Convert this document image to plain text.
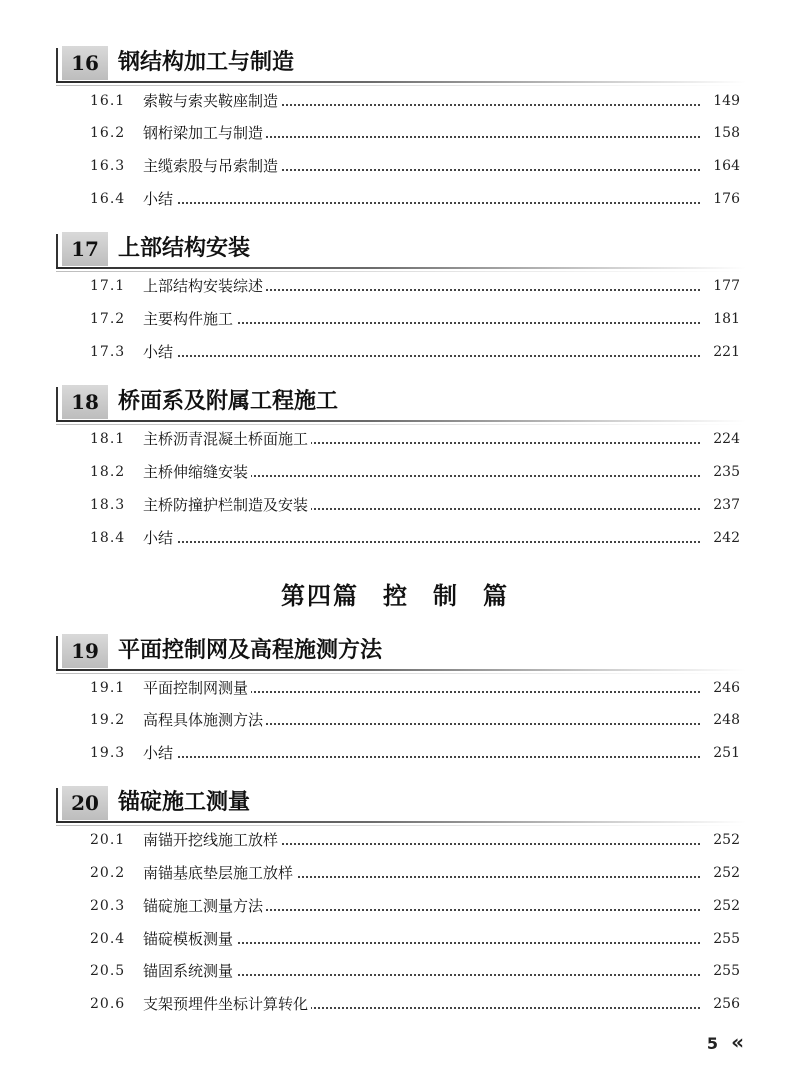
16 钢结构加工与制造
16.1 索鞍与索夹鞍座制造	149
16.2 钢桁梁加工与制造	158
16.3 主缆索股与吊索制造	164
16.4 小结	176
17 上部结构安装
17.1 上部结构安装综述	177
17.2 主要构件施工	181
17.3 小结	221
18 桥面系及附属工程施工
18.1 主桥沥青混凝土桥面施工	224
18.2 主桥伸缩缝安装	235
18.3 主桥防撞护栏制造及安装	237
18.4 小结	242
第四篇 控 制 篇
19 平面控制网及高程施测方法
19.1 平面控制网测量	246
19.2 高程具体施测方法	248
19.3 小结	251
20 锚碇施工测量
20.1 南锚开挖线施工放样	252
20.2 南锚基底垫层施工放样	252
20.3 锚碇施工测量方法	252
20.4 锚碇模板测量	255
20.5 锚固系统测量	255
20.6 支架预埋件坐标计算转化	256
5 «
